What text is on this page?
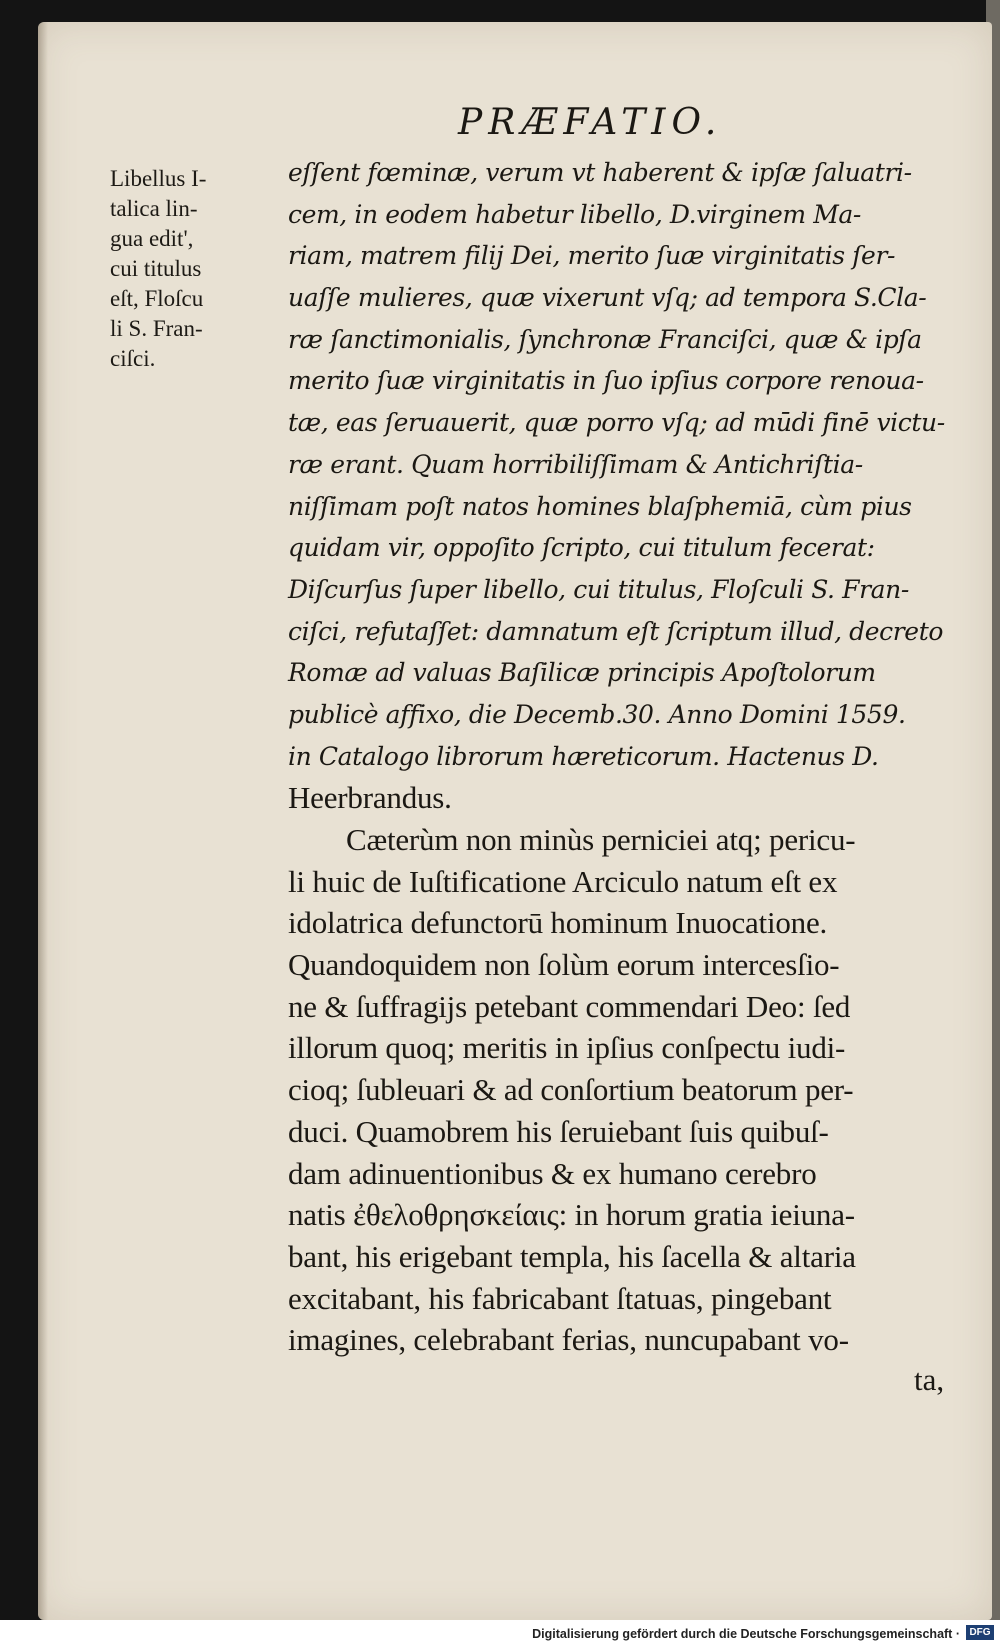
PRÆFATIO.
Libellus I-
talica lin-
gua edit',
cui titulus
eſt, Floſcu
li S. Fran-
ciſci.
eſſent fœminæ, verum vt haberent & ipſæ ſaluatri-
cem, in eodem habetur libello, D.virginem Ma-
riam, matrem filij Dei, merito ſuæ virginitatis ſer-
uaſſe mulieres, quæ vixerunt vſq; ad tempora S.Cla-
ræ ſanctimonialis, ſynchronæ Franciſci, quæ & ipſa
merito ſuæ virginitatis in ſuo ipſius corpore renoua-
tæ, eas ſeruauerit, quæ porro vſq; ad mūdi finē victu-
ræ erant. Quam horribiliſſimam & Antichriſtia-
niſſimam poſt natos homines blaſphemiā, cùm pius
quidam vir, oppoſito ſcripto, cui titulum fecerat:
Diſcurſus ſuper libello, cui titulus, Floſculi S. Fran-
ciſci, refutaſſet: damnatum eſt ſcriptum illud, decreto
Romæ ad valuas Baſilicæ principis Apoſtolorum
publicè affixo, die Decemb.30. Anno Domini 1559.
in Catalogo librorum hæreticorum. Hactenus D.
Heerbrandus.
Cæterùm non minùs perniciei atq; pericu-
li huic de Iuſtificatione Arciculo natum eſt ex
idolatrica defunctorū hominum Inuocatione.
Quandoquidem non ſolùm eorum intercesſio-
ne & ſuffragijs petebant commendari Deo: ſed
illorum quoq; meritis in ipſius conſpectu iudi-
cioq; ſubleuari & ad conſortium beatorum per-
duci. Quamobrem his ſeruiebant ſuis quibuſ-
dam adinuentionibus & ex humano cerebro
natis ἐθελοθρησκείαις: in horum gratia ieiuna-
bant, his erigebant templa, his ſacella & altaria
excitabant, his fabricabant ſtatuas, pingebant
imagines, celebrabant ferias, nuncupabant vo-
ta,
Digitalisierung gefördert durch die Deutsche Forschungsgemeinschaft · DFG
